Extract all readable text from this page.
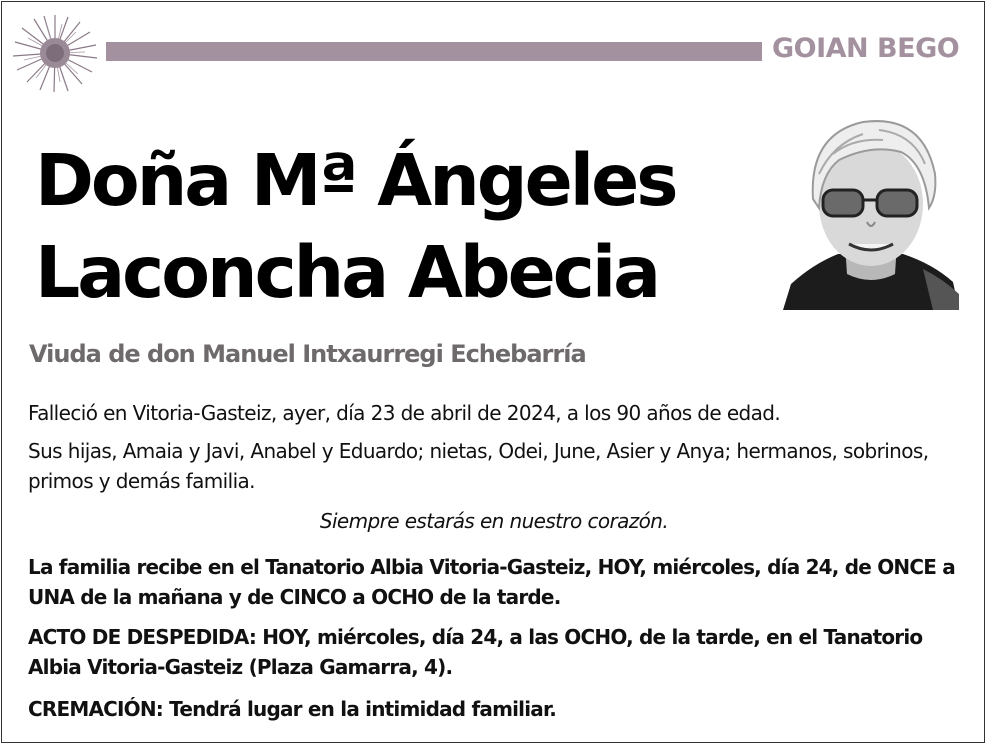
GOIAN BEGO
Doña Mª Ángeles
Laconcha Abecia
Viuda de don Manuel Intxaurregi Echebarría
Falleció en Vitoria-Gasteiz, ayer, día 23 de abril de 2024, a los 90 años de edad.
Sus hijas, Amaia y Javi, Anabel y Eduardo; nietas, Odei, June, Asier y Anya; hermanos, sobrinos, primos y demás familia.
Siempre estarás en nuestro corazón.
La familia recibe en el Tanatorio Albia Vitoria-Gasteiz, HOY, miércoles, día 24, de ONCE a UNA de la mañana y de CINCO a OCHO de la tarde.
ACTO DE DESPEDIDA: HOY, miércoles, día 24, a las OCHO, de la tarde, en el Tanatorio Albia Vitoria-Gasteiz (Plaza Gamarra, 4).
CREMACIÓN: Tendrá lugar en la intimidad familiar.
